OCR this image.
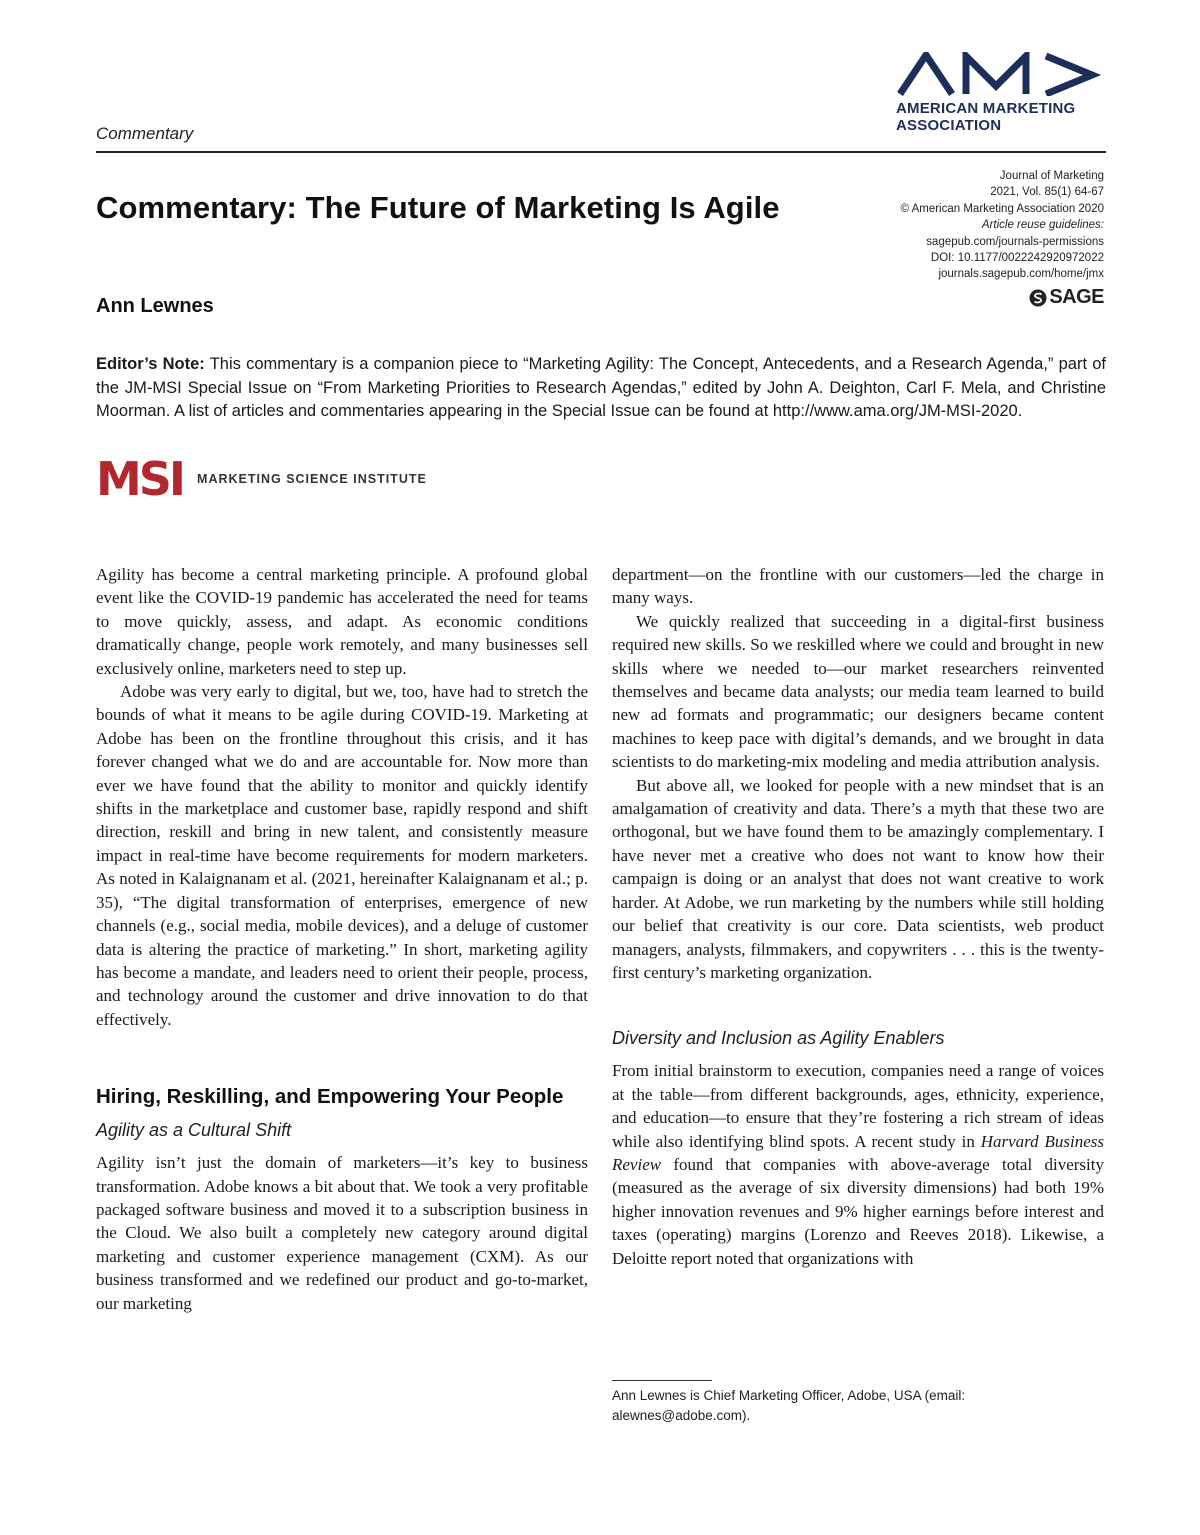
Commentary
AMERICAN MARKETING
ASSOCIATION
Commentary: The Future of Marketing Is Agile
Journal of Marketing
2021, Vol. 85(1) 64-67
© American Marketing Association 2020
Article reuse guidelines:
sagepub.com/journals-permissions
DOI: 10.1177/0022242920972022
journals.sagepub.com/home/jmx
SAGE
Ann Lewnes
Editor’s Note: This commentary is a companion piece to “Marketing Agility: The Concept, Antecedents, and a Research Agenda,” part of the JM-MSI Special Issue on “From Marketing Priorities to Research Agendas,” edited by John A. Deighton, Carl F. Mela, and Christine Moorman. A list of articles and commentaries appearing in the Special Issue can be found at http://www.ama.org/JM-MSI-2020.
MSI MARKETING SCIENCE INSTITUTE

Agility has become a central marketing principle. A profound global event like the COVID-19 pandemic has accelerated the need for teams to move quickly, assess, and adapt. As economic conditions dramatically change, people work remotely, and many businesses sell exclusively online, marketers need to step up.

Adobe was very early to digital, but we, too, have had to stretch the bounds of what it means to be agile during COVID-19. Marketing at Adobe has been on the frontline throughout this crisis, and it has forever changed what we do and are accountable for. Now more than ever we have found that the ability to monitor and quickly identify shifts in the marketplace and customer base, rapidly respond and shift direction, reskill and bring in new talent, and consistently measure impact in real-time have become requirements for modern marketers. As noted in Kalaignanam et al. (2021, hereinafter Kalaignanam et al.; p. 35), “The digital transformation of enterprises, emergence of new channels (e.g., social media, mobile devices), and a deluge of customer data is altering the practice of marketing.” In short, marketing agility has become a mandate, and leaders need to orient their people, process, and technology around the customer and drive innovation to do that effectively.

Hiring, Reskilling, and Empowering Your People
Agility as a Cultural Shift

Agility isn’t just the domain of marketers—it’s key to business transformation. Adobe knows a bit about that. We took a very profitable packaged software business and moved it to a subscription business in the Cloud. We also built a completely new category around digital marketing and customer experience management (CXM). As our business transformed and we redefined our product and go-to-market, our marketing

department—on the frontline with our customers—led the charge in many ways.

We quickly realized that succeeding in a digital-first business required new skills. So we reskilled where we could and brought in new skills where we needed to—our market researchers reinvented themselves and became data analysts; our media team learned to build new ad formats and programmatic; our designers became content machines to keep pace with digital’s demands, and we brought in data scientists to do marketing-mix modeling and media attribution analysis.

But above all, we looked for people with a new mindset that is an amalgamation of creativity and data. There’s a myth that these two are orthogonal, but we have found them to be amazingly complementary. I have never met a creative who does not want to know how their campaign is doing or an analyst that does not want creative to work harder. At Adobe, we run marketing by the numbers while still holding our belief that creativity is our core. Data scientists, web product managers, analysts, filmmakers, and copywriters . . . this is the twenty-first century’s marketing organization.

Diversity and Inclusion as Agility Enablers

From initial brainstorm to execution, companies need a range of voices at the table—from different backgrounds, ages, ethnicity, experience, and education—to ensure that they’re fostering a rich stream of ideas while also identifying blind spots. A recent study in Harvard Business Review found that companies with above-average total diversity (measured as the average of six diversity dimensions) had both 19% higher innovation revenues and 9% higher earnings before interest and taxes (operating) margins (Lorenzo and Reeves 2018). Likewise, a Deloitte report noted that organizations with

Ann Lewnes is Chief Marketing Officer, Adobe, USA (email: alewnes@adobe.com).
